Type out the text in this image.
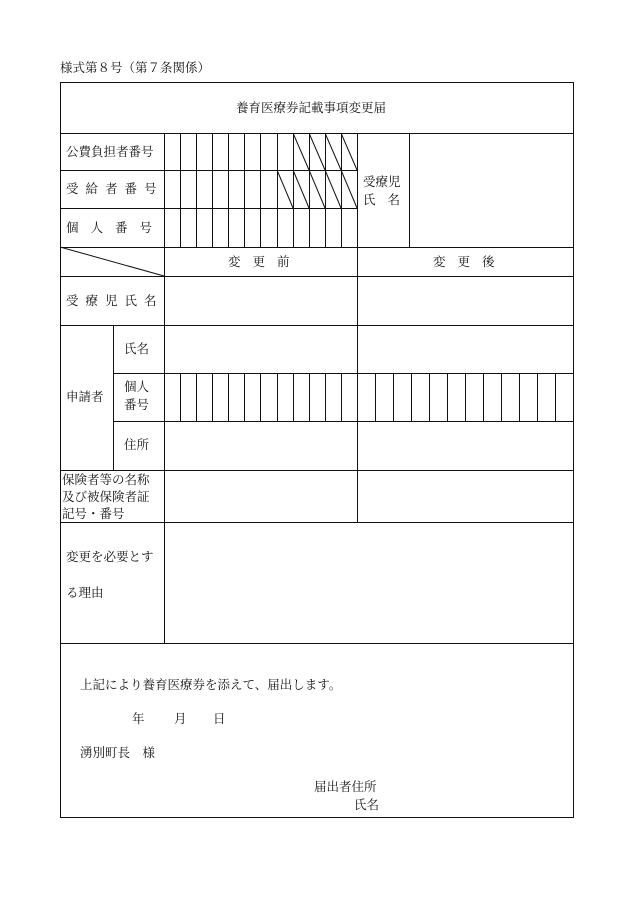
様式第８号（第７条関係）
養育医療券記載事項変更届
公費負担者番号
受給者番号
個人番号
受療児
氏名
変更前	変更後
受療児氏名
申請者
氏名
個人
番号
住所
保険者等の名称
及び被保険者証
記号・番号
変更を必要とす
る理由
上記により養育医療券を添えて、届出します。
年 月 日
湧別町長　様
届出者住所
氏名
